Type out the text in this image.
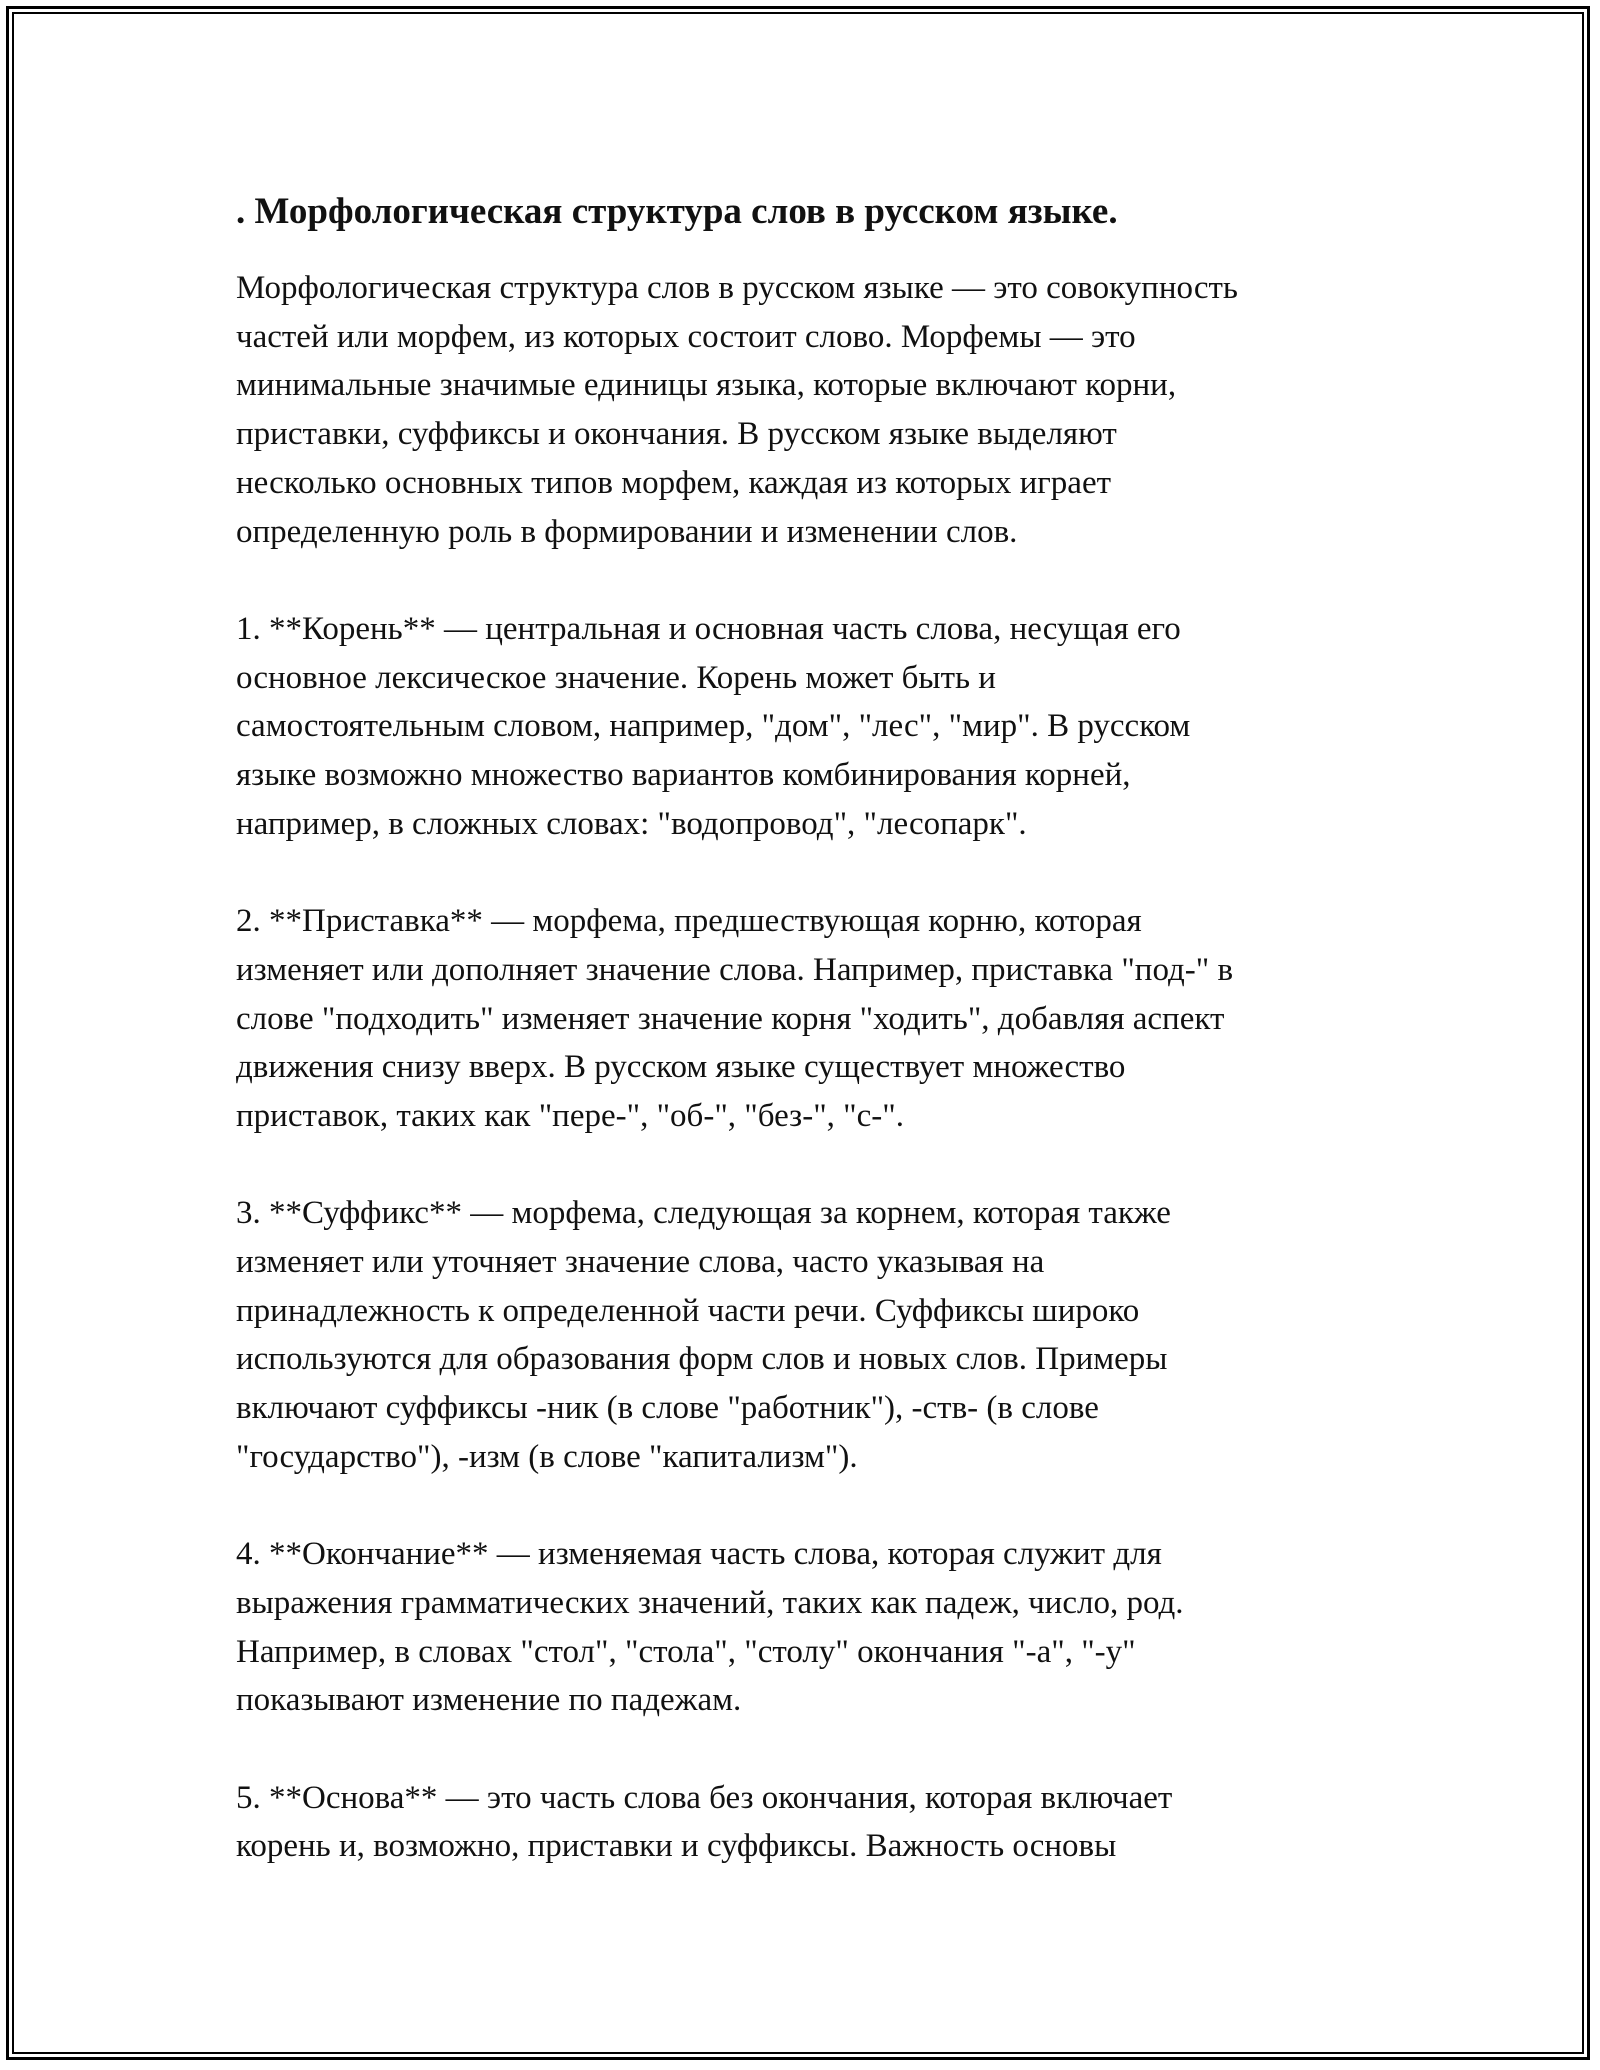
. Морфологическая структура слов в русском языке.

Морфологическая структура слов в русском языке — это совокупность
частей или морфем, из которых состоит слово. Морфемы — это
минимальные значимые единицы языка, которые включают корни,
приставки, суффиксы и окончания. В русском языке выделяют
несколько основных типов морфем, каждая из которых играет
определенную роль в формировании и изменении слов.

1. **Корень** — центральная и основная часть слова, несущая его
основное лексическое значение. Корень может быть и
самостоятельным словом, например, "дом", "лес", "мир". В русском
языке возможно множество вариантов комбинирования корней,
например, в сложных словах: "водопровод", "лесопарк".

2. **Приставка** — морфема, предшествующая корню, которая
изменяет или дополняет значение слова. Например, приставка "под-" в
слове "подходить" изменяет значение корня "ходить", добавляя аспект
движения снизу вверх. В русском языке существует множество
приставок, таких как "пере-", "об-", "без-", "с-".

3. **Суффикс** — морфема, следующая за корнем, которая также
изменяет или уточняет значение слова, часто указывая на
принадлежность к определенной части речи. Суффиксы широко
используются для образования форм слов и новых слов. Примеры
включают суффиксы -ник (в слове "работник"), -ств- (в слове
"государство"), -изм (в слове "капитализм").

4. **Окончание** — изменяемая часть слова, которая служит для
выражения грамматических значений, таких как падеж, число, род.
Например, в словах "стол", "стола", "столу" окончания "-а", "-у"
показывают изменение по падежам.

5. **Основа** — это часть слова без окончания, которая включает
корень и, возможно, приставки и суффиксы. Важность основы
